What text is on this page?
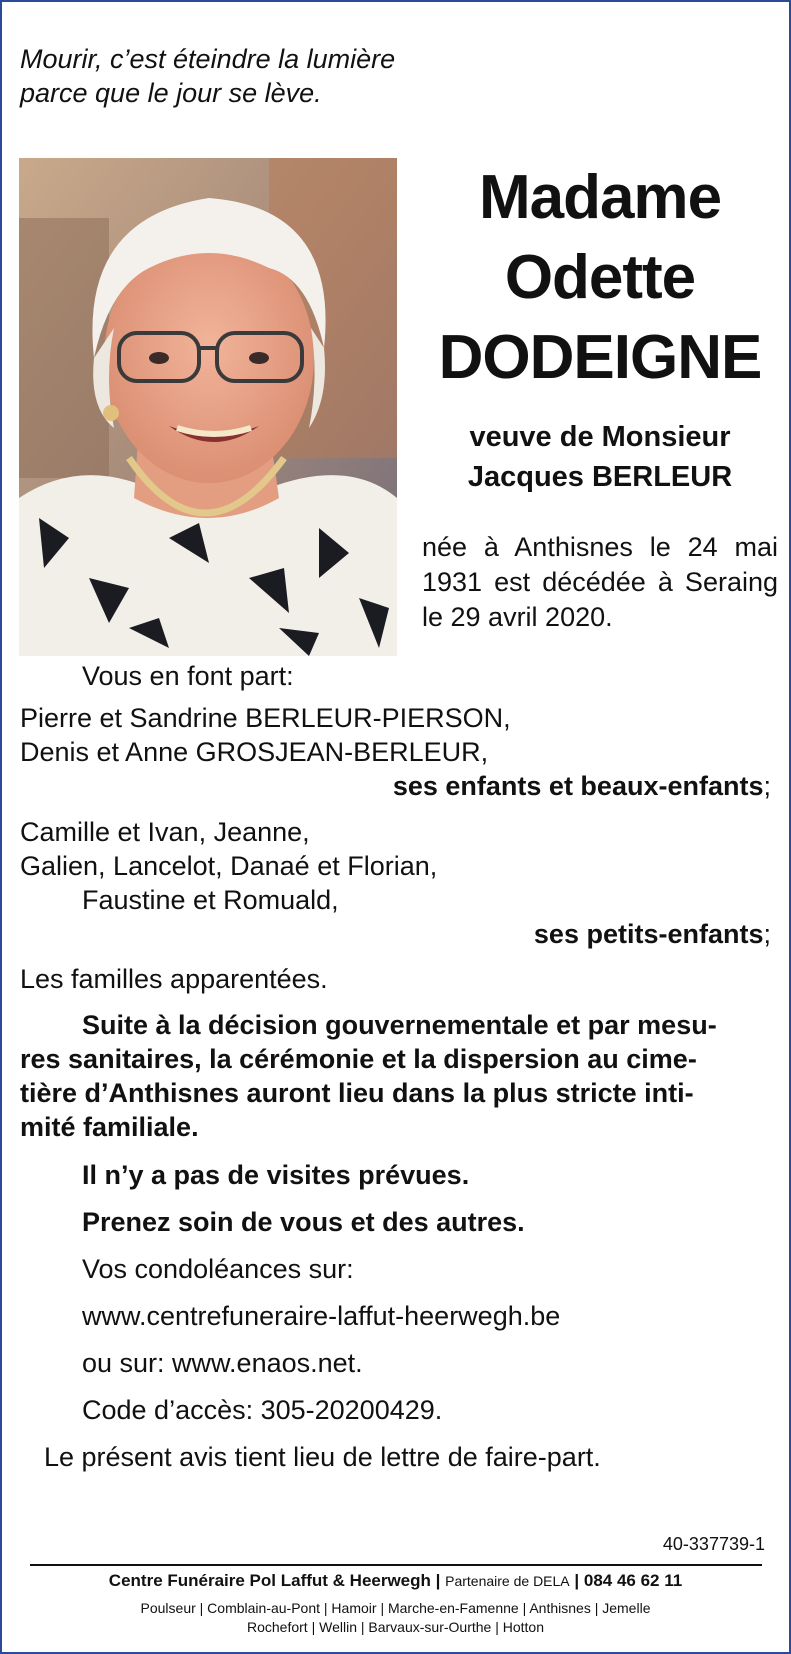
Mourir, c’est éteindre la lumière
parce que le jour se lève.
Madame
Odette
DODEIGNE
veuve de Monsieur
Jacques BERLEUR
née à Anthisnes le 24 mai 1931 est décédée à Seraing le 29 avril 2020.
Vous en font part:
Pierre et Sandrine BERLEUR-PIERSON,
Denis et Anne GROSJEAN-BERLEUR,
ses enfants et beaux-enfants;
Camille et Ivan, Jeanne,
Galien, Lancelot, Danaé et Florian,
Faustine et Romuald,
ses petits-enfants;
Les familles apparentées.
Suite à la décision gouvernementale et par mesu-
res sanitaires, la cérémonie et la dispersion au cime-
tière d’Anthisnes auront lieu dans la plus stricte inti-
mité familiale.
Il n’y a pas de visites prévues.
Prenez soin de vous et des autres.
Vos condoléances sur:
www.centrefuneraire-laffut-heerwegh.be
ou sur: www.enaos.net.
Code d’accès: 305-20200429.
Le présent avis tient lieu de lettre de faire-part.
40-337739-1
Centre Funéraire Pol Laffut & Heerwegh | Partenaire de DELA | 084 46 62 11
Poulseur | Comblain-au-Pont | Hamoir | Marche-en-Famenne | Anthisnes | Jemelle
Rochefort | Wellin | Barvaux-sur-Ourthe | Hotton
